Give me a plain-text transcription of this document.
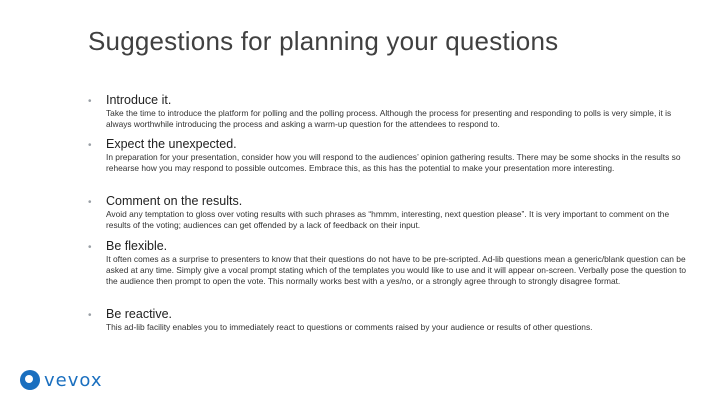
Suggestions for planning your questions
•	Introduce it.
Take the time to introduce the platform for polling and the polling process. Although the process for presenting and responding to polls is very simple, it is always worthwhile introducing the process and asking a warm-up question for the attendees to respond to.
•	Expect the unexpected.
In preparation for your presentation, consider how you will respond to the audiences’ opinion gathering results. There may be some shocks in the results so rehearse how you may respond to possible outcomes. Embrace this, as this has the potential to make your presentation more interesting.
•	Comment on the results.
Avoid any temptation to gloss over voting results with such phrases as “hmmm, interesting, next question please”. It is very important to comment on the results of the voting; audiences can get offended by a lack of feedback on their input.
•	Be flexible.
It often comes as a surprise to presenters to know that their questions do not have to be pre-scripted. Ad-lib questions mean a generic/blank question can be asked at any time. Simply give a vocal prompt stating which of the templates you would like to use and it will appear on-screen. Verbally pose the question to the audience then prompt to open the vote. This normally works best with a yes/no, or a strongly agree through to strongly disagree format.
•	Be reactive.
This ad-lib facility enables you to immediately react to questions or comments raised by your audience or results of other questions.
vevox
